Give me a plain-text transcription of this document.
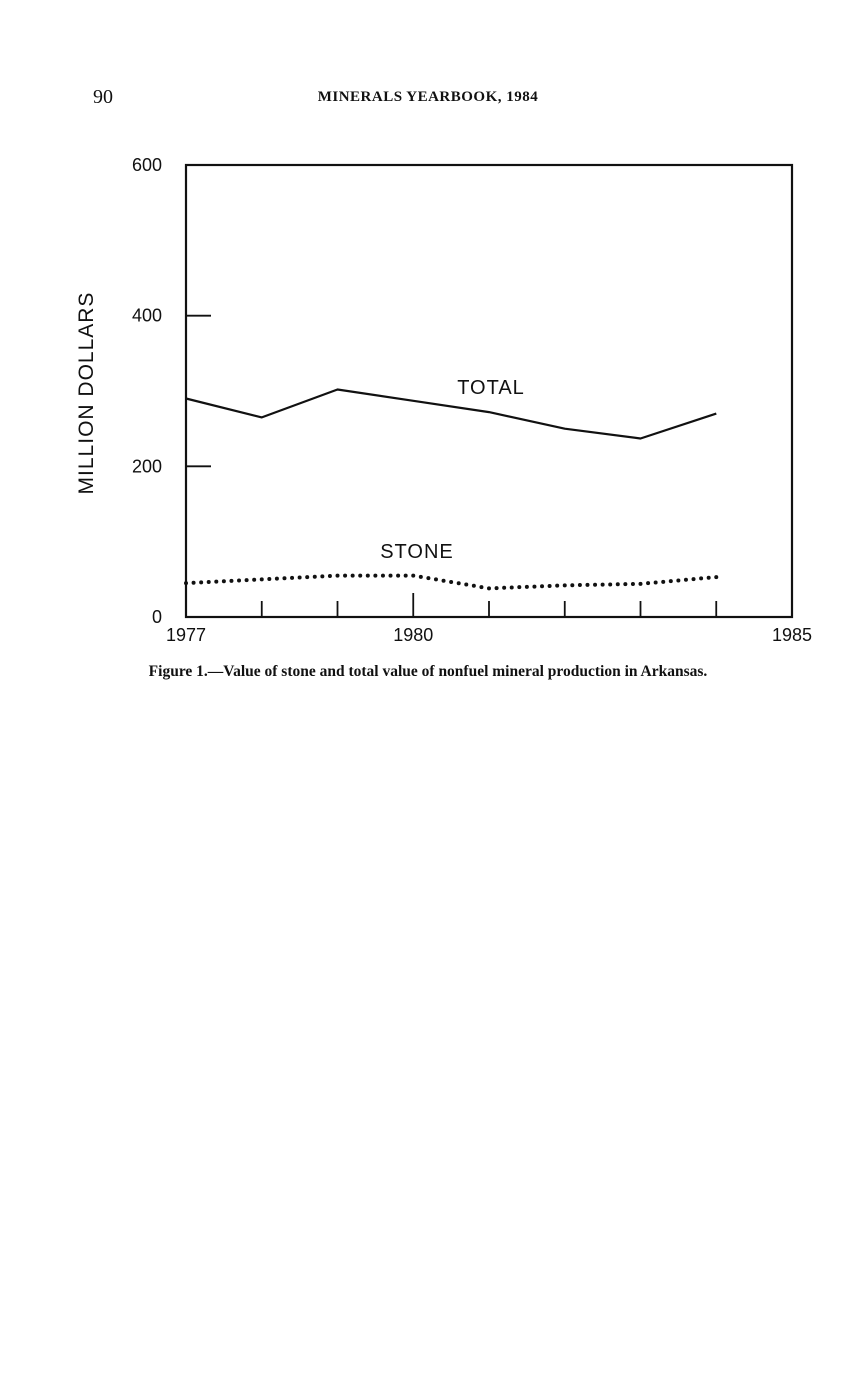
90	MINERALS YEARBOOK, 1984
0
200
400
600
1977	1980	1985
MILLION DOLLARS	TOTAL
STONE
Figure 1.—Value of stone and total value of nonfuel mineral production in Arkansas.
